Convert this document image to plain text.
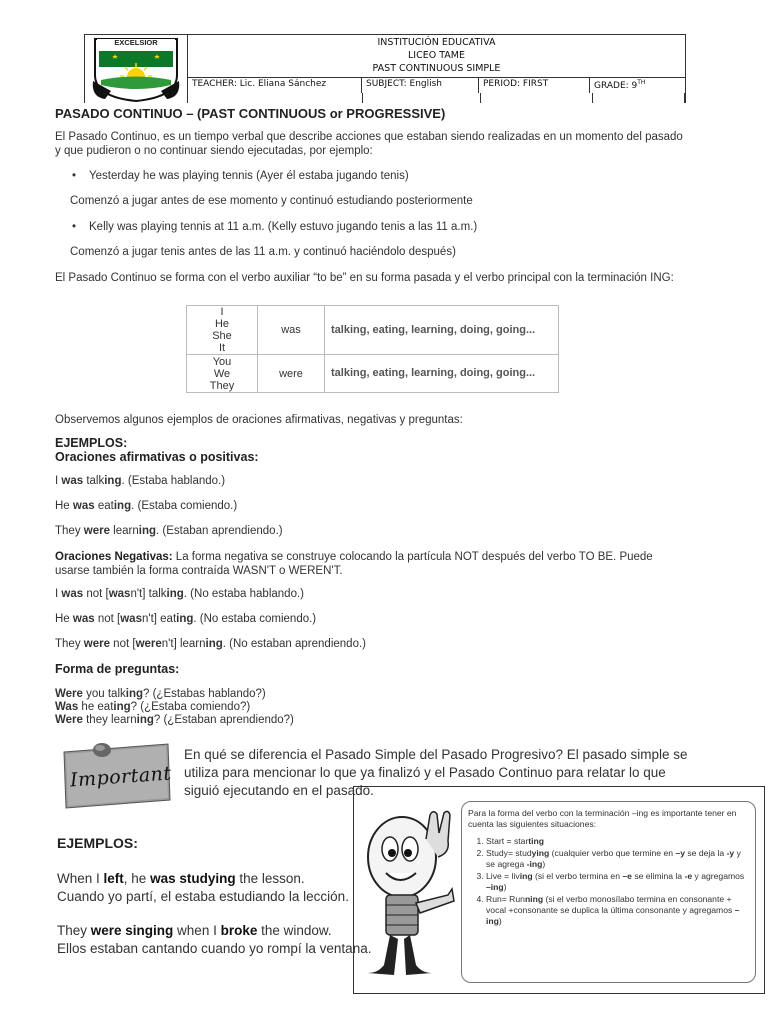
EXCELSIOR
LICEO TAME
INSTITUCIÓN EDUCATIVA
LICEO TAME
PAST CONTINUOUS SIMPLE
TEACHER: Lic. Eliana Sánchez	SUBJECT: English	PERIOD: FIRST	GRADE: 9TH
PASADO CONTINUO – (PAST CONTINUOUS or PROGRESSIVE)
El Pasado Continuo, es un tiempo verbal que describe acciones que estaban siendo realizadas en un momento del pasado y que pudieron o no continuar siendo ejecutadas, por ejemplo:
• Yesterday he was playing tennis (Ayer él estaba jugando tenis)
Comenzó a jugar antes de ese momento y continuó estudiando posteriormente
• Kelly was playing tennis at 11 a.m. (Kelly estuvo jugando tenis a las 11 a.m.)
Comenzó a jugar tenis antes de las 11 a.m. y continuó haciéndolo después)
El Pasado Continuo se forma con el verbo auxiliar “to be” en su forma pasada y el verbo principal con la terminación ING:
I
He
She
It	was	talking, eating, learning, doing, going...

You
We
They	were	talking, eating, learning, doing, going...
Observemos algunos ejemplos de oraciones afirmativas, negativas y preguntas:
EJEMPLOS:
Oraciones afirmativas o positivas:
I was talking. (Estaba hablando.)
He was eating. (Estaba comiendo.)
They were learning. (Estaban aprendiendo.)
Oraciones Negativas: La forma negativa se construye colocando la partícula NOT después del verbo TO BE. Puede usarse también la forma contraída WASN'T o WEREN'T.
I was not [wasn't] talking. (No estaba hablando.)
He was not [wasn't] eating. (No estaba comiendo.)
They were not [weren't] learning. (No estaban aprendiendo.)
Forma de preguntas:
Were you talking? (¿Estabas hablando?)
Was he eating? (¿Estaba comiendo?)
Were they learning? (¿Estaban aprendiendo?)
Important
En qué se diferencia el Pasado Simple del Pasado Progresivo? El pasado simple se utiliza para mencionar lo que ya finalizó y el Pasado Continuo para relatar lo que siguió ejecutando en el pasado.
EJEMPLOS:
When I left, he was studying the lesson.
Cuando yo partí, el estaba estudiando la lección.
They were singing when I broke the window.
Ellos estaban cantando cuando yo rompí la ventana.
Para la forma del verbo con la terminación –ing es importante tener en cuenta las siguientes situaciones:
1. Start = starting
2. Study= studying (cualquier verbo que termine en –y se deja la -y y se agrega -ing)
3. Live = living (si el verbo termina en –e se elimina la -e y agregamos –ing)
4. Run= Running (si el verbo monosílabo termina en consonante + vocal +consonante se duplica la última consonante y agregamos –ing)
